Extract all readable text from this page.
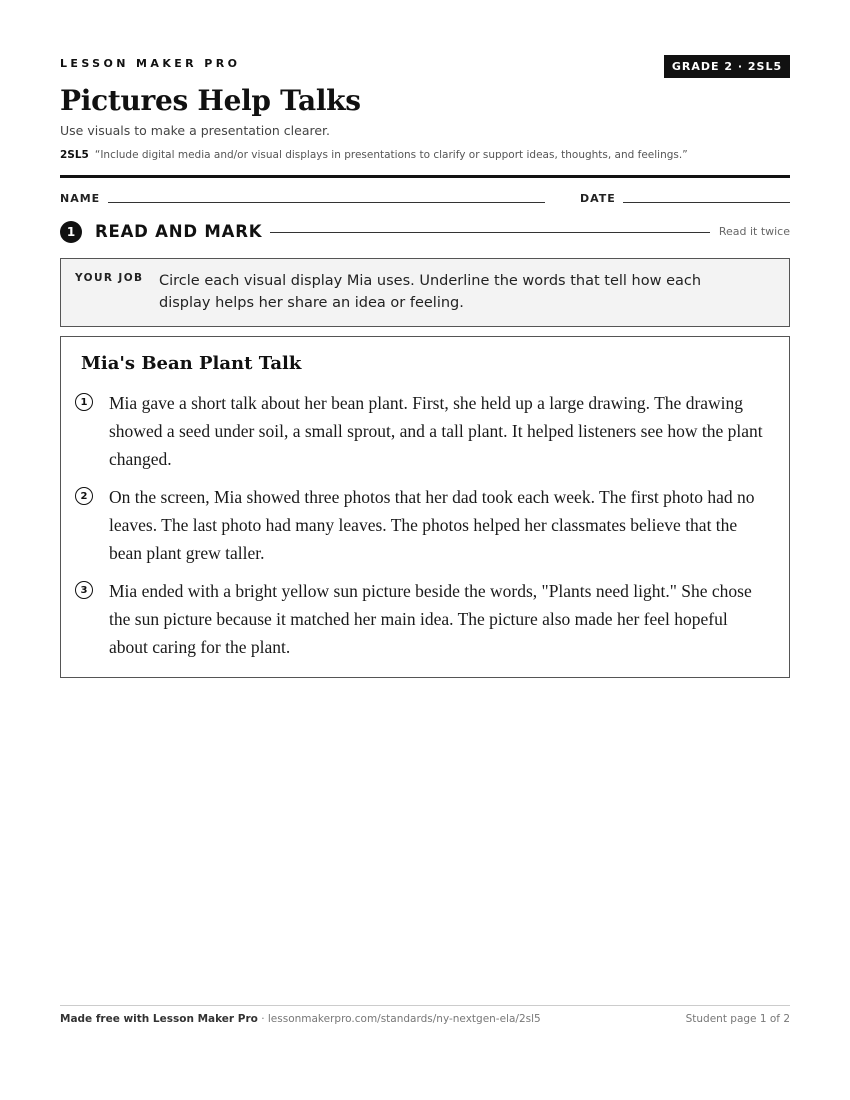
LESSON MAKER PRO	GRADE 2 · 2SL5
Pictures Help Talks
Use visuals to make a presentation clearer.
2SL5 “Include digital media and/or visual displays in presentations to clarify or support ideas, thoughts, and feelings.”
NAME	DATE
1	READ AND MARK	Read it twice
YOUR JOB Circle each visual display Mia uses. Underline the words that tell how each display helps her share an idea or feeling.
Mia's Bean Plant Talk
1	Mia gave a short talk about her bean plant. First, she held up a large drawing. The drawing showed a seed under soil, a small sprout, and a tall plant. It helped listeners see how the plant changed.
2	On the screen, Mia showed three photos that her dad took each week. The first photo had no leaves. The last photo had many leaves. The photos helped her classmates believe that the bean plant grew taller.
3	Mia ended with a bright yellow sun picture beside the words, "Plants need light." She chose the sun picture because it matched her main idea. The picture also made her feel hopeful about caring for the plant.
Made free with Lesson Maker Pro · lessonmakerpro.com/standards/ny-nextgen-ela/2sl5	Student page 1 of 2
